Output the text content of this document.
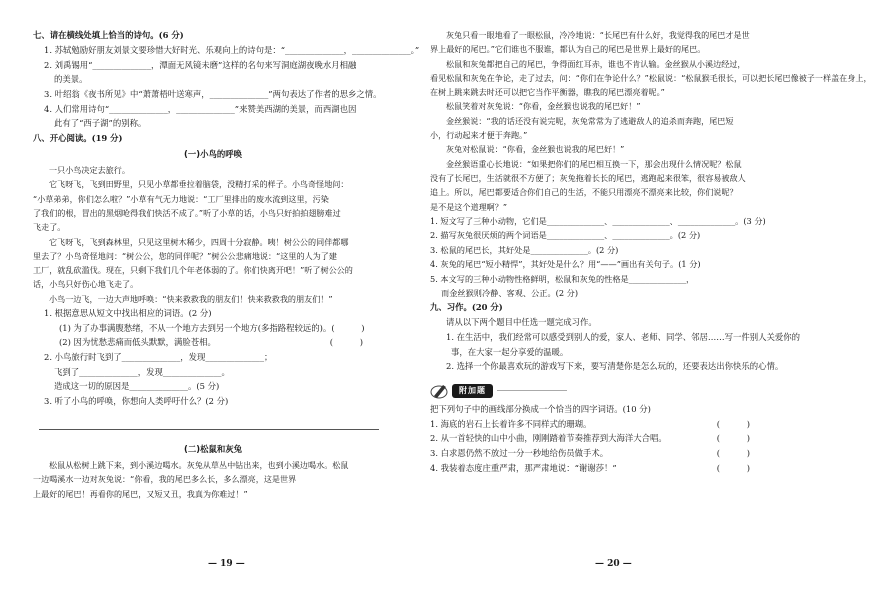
七、请在横线处填上恰当的诗句。(6 分)
1. 苏轼勉励好朋友刘景文要珍惜大好时光、乐观向上的诗句是：“______________，______________。”
2. 刘禹锡用“______________，潭面无风镜未磨”这样的名句来写洞庭湖夜晚水月相融
的美景。
3. 叶绍翁《夜书所见》中“萧萧梧叶送寒声，______________”两句表达了作者的思乡之情。
4. 人们常用诗句“______________，______________”来赞美西湖的美景，而西湖也因
此有了“西子湖”的别称。
八、开心阅读。(19 分)
(一)小鸟的呼唤
一只小鸟决定去旅行。
它飞呀飞，飞到田野里，只见小草都垂拉着脑袋，没精打采的样子。小鸟奇怪地问：
“小草弟弟，你们怎么啦？”小草有气无力地说：“工厂里排出的废水流到这里，污染
了我们的根，冒出的黑烟呛得我们快活不成了。”听了小草的话，小鸟只好拍拍翅膀难过
飞走了。
它飞呀飞，飞到森林里，只见这里树木稀少，四周十分寂静。咦！树公公的同伴都哪
里去了？小鸟奇怪地问：“树公公，您的同伴呢？”树公公悲痛地说：“这里的人为了建
工厂，就乱砍滥伐。现在，只剩下我们几个年老体弱的了。你们快离开吧！”听了树公公的
话，小鸟只好伤心地飞走了。
小鸟一边飞，一边大声地呼唤：“快来救救我的朋友们！快来救救我的朋友们！”
1. 根据意思从短文中找出相应的词语。(2 分)
(1) 为了办事满腹愁绪，不从一个地方去到另一个地方(多指路程较远的)。 ( )
(2) 因为忧愁悲痛而低头默默，满脸苍相。	( )
2. 小鸟旅行时飞到了______________，发现______________；
飞到了______________，发现______________。
造成这一切的原因是______________。(5 分)
3. 听了小鸟的呼唤，你想向人类呼吁什么？(2 分)
(二)松鼠和灰兔
松鼠从松树上跳下来，到小溪边喝水。灰兔从草丛中钻出来，也到小溪边喝水。松鼠
一边喝溪水一边对灰兔说：“你看，我的尾巴多么长，多么漂亮，这是世界
上最好的尾巴！再看你的尾巴，又短又丑，我真为你难过！”
灰兔只看一眼地看了一眼松鼠，冷冷地说：“长尾巴有什么好，我觉得我的尾巴才是世
界上最好的尾巴。”它们谁也不服谁，都认为自己的尾巴是世界上最好的尾巴。
松鼠和灰兔都把自己的尾巴，争得面红耳赤，谁也不肯认输。金丝猴从小溪边经过，
看见松鼠和灰兔在争论，走了过去，问：“你们在争论什么？”松鼠说：“松鼠猴毛很长，可以把长尾巴像被子一样盖在身上，
在树上跳来跳去时还可以把它当作平衡器，瞧我的尾巴漂亮着呢。”
松鼠笑着对灰兔说：“你看，金丝猴也说我的尾巴好！”
金丝猴说：“我的话还没有说完呢，灰兔常常为了逃避敌人的追杀而奔跑，尾巴短
小，行动起来才便于奔跑。”
灰兔对松鼠说：“你看，金丝猴也说我的尾巴好！”
金丝猴语重心长地说：“如果把你们的尾巴相互换一下，那会出现什么情况呢？松鼠
没有了长尾巴，生活就很不方便了；灰兔拖着长长的尾巴，逃跑起来很笨，很容易被敌人
追上。所以，尾巴都要适合你们自己的生活，不能只用漂亮不漂亮来比较，你们说呢？
是不是这个道理啊？”
1. 短文写了三种小动物，它们是______________、______________、______________。(3 分)
2. 描写灰兔很厌烦的两个词语是______________、______________。(2 分)
3. 松鼠的尾巴长，其好处是______________。(2 分)
4. 灰兔的尾巴“短小精悍”，其好处是什么？用“——”画出有关句子。(1 分)
5. 本文写的三种小动物性格鲜明，松鼠和灰兔的性格是______________，
而金丝猴则冷静、客观、公正。(2 分)
九、习作。(20 分)
请从以下两个题目中任选一题完成习作。
1. 在生活中，我们经常可以感受到别人的爱，家人、老师、同学、邻居……写一件别人关爱你的
事，在大家一起分享爱的温暖。
2. 选择一个你最喜欢玩的游戏写下来，要写清楚你是怎么玩的，还要表达出你快乐的心情。
附加题
把下列句子中的画线部分换成一个恰当的四字词语。(10 分)
1. 海底的岩石上长着许多不同样式的珊瑚。	( )
2. 从一首轻快的山中小曲，刚刚踏着节奏推荐到大海洋大合唱。	( )
3. 白求恩仍然不放过一分一秒地给伤员做手术。	( )
4. 我装着态度庄重严肃，那严肃地说：“谢谢莎！”	( )
— 19 —	— 20 —
